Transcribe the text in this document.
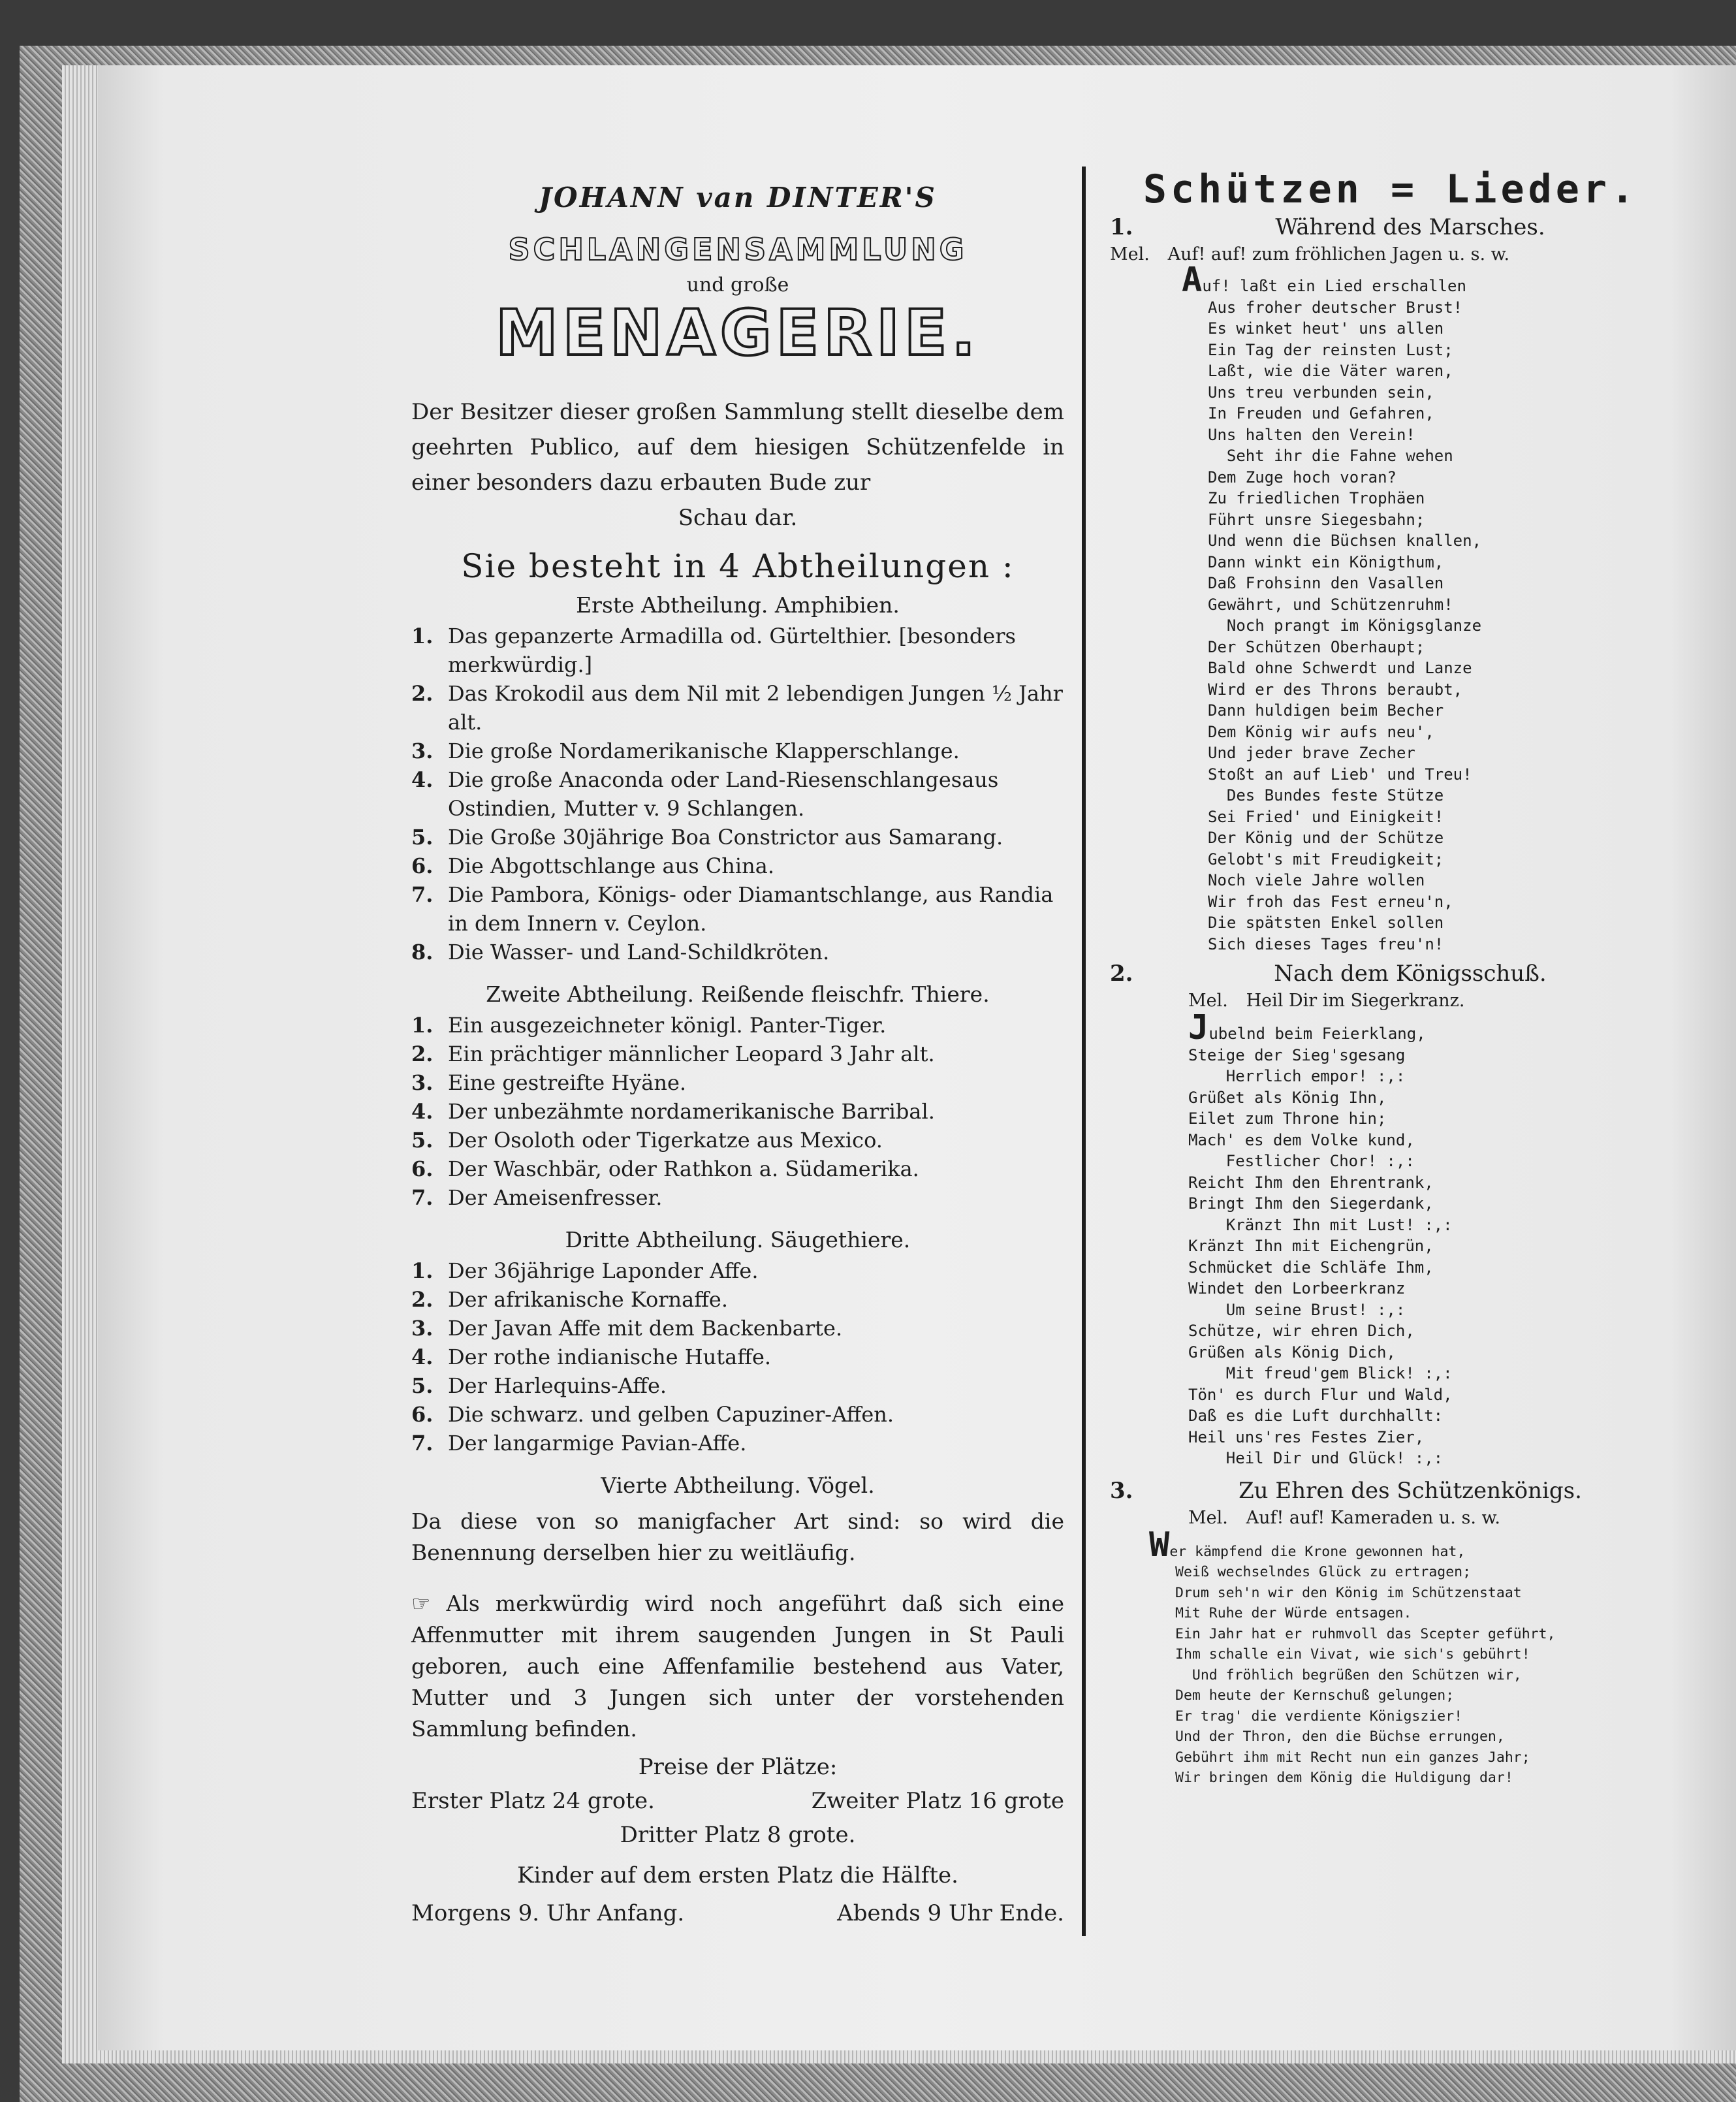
JOHANN van DINTER'S
SCHLANGENSAMMLUNG
und große
MENAGERIE.
Der Besitzer dieser großen Sammlung stellt dieselbe dem geehrten Publico, auf dem hiesigen Schützenfelde in einer besonders dazu erbauten Bude zur
Schau dar.
Sie besteht in 4 Abtheilungen :
Erste Abtheilung. Amphibien.
1. Das gepanzerte Armadilla od. Gürtelthier. [besonders merkwürdig.]
2. Das Krokodil aus dem Nil mit 2 lebendigen Jungen ½ Jahr alt.
3. Die große Nordamerikanische Klapperschlange.
4. Die große Anaconda oder Land-Riesenschlangesaus Ostindien, Mutter v. 9 Schlangen.
5. Die Große 30jährige Boa Constrictor aus Samarang.
6. Die Abgottschlange aus China.
7. Die Pambora, Königs- oder Diamantschlange, aus Randia in dem Innern v. Ceylon.
8. Die Wasser- und Land-Schildkröten.
Zweite Abtheilung. Reißende fleischfr. Thiere.
1. Ein ausgezeichneter königl. Panter-Tiger.
2. Ein prächtiger männlicher Leopard 3 Jahr alt.
3. Eine gestreifte Hyäne.
4. Der unbezähmte nordamerikanische Barribal.
5. Der Osoloth oder Tigerkatze aus Mexico.
6. Der Waschbär, oder Rathkon a. Südamerika.
7. Der Ameisenfresser.
Dritte Abtheilung. Säugethiere.
1. Der 36jährige Laponder Affe.
2. Der afrikanische Kornaffe.
3. Der Javan Affe mit dem Backenbarte.
4. Der rothe indianische Hutaffe.
5. Der Harlequins-Affe.
6. Die schwarz. und gelben Capuziner-Affen.
7. Der langarmige Pavian-Affe.
Vierte Abtheilung. Vögel.
Da diese von so manigfacher Art sind: so wird die Benennung derselben hier zu weitläufig.
☞ Als merkwürdig wird noch angeführt daß sich eine Affenmutter mit ihrem saugenden Jungen in St Pauli geboren, auch eine Affenfamilie bestehend aus Vater, Mutter und 3 Jungen sich unter der vorstehenden Sammlung befinden.
Preise der Plätze:
Erster Platz 24 grote.	Zweiter Platz 16 grote
Dritter Platz 8 grote.
Kinder auf dem ersten Platz die Hälfte.
Morgens 9. Uhr Anfang.	Abends 9 Uhr Ende.
Schützen = Lieder.
1.	Während des Marsches.
Mel. Auf! auf! zum fröhlichen Jagen u. s. w.
Auf! laßt ein Lied erschallen
Aus froher deutscher Brust!
Es winket heut' uns allen
Ein Tag der reinsten Lust;
Laßt, wie die Väter waren,
Uns treu verbunden sein,
In Freuden und Gefahren,
Uns halten den Verein!
Seht ihr die Fahne wehen
Dem Zuge hoch voran?
Zu friedlichen Trophäen
Führt unsre Siegesbahn;
Und wenn die Büchsen knallen,
Dann winkt ein Königthum,
Daß Frohsinn den Vasallen
Gewährt, und Schützenruhm!
Noch prangt im Königsglanze
Der Schützen Oberhaupt;
Bald ohne Schwerdt und Lanze
Wird er des Throns beraubt,
Dann huldigen beim Becher
Dem König wir aufs neu',
Und jeder brave Zecher
Stoßt an auf Lieb' und Treu!
Des Bundes feste Stütze
Sei Fried' und Einigkeit!
Der König und der Schütze
Gelobt's mit Freudigkeit;
Noch viele Jahre wollen
Wir froh das Fest erneu'n,
Die spätsten Enkel sollen
Sich dieses Tages freu'n!
2.	Nach dem Königsschuß.
Mel. Heil Dir im Siegerkranz.
Jubelnd beim Feierklang,
Steige der Sieg'sgesang
Herrlich empor! :,:
Grüßet als König Ihn,
Eilet zum Throne hin;
Mach' es dem Volke kund,
Festlicher Chor! :,:
Reicht Ihm den Ehrentrank,
Bringt Ihm den Siegerdank,
Kränzt Ihn mit Lust! :,:
Kränzt Ihn mit Eichengrün,
Schmücket die Schläfe Ihm,
Windet den Lorbeerkranz
Um seine Brust! :,:
Schütze, wir ehren Dich,
Grüßen als König Dich,
Mit freud'gem Blick! :,:
Tön' es durch Flur und Wald,
Daß es die Luft durchhallt:
Heil uns'res Festes Zier,
Heil Dir und Glück! :,:
3.	Zu Ehren des Schützenkönigs.
Mel. Auf! auf! Kameraden u. s. w.
Wer kämpfend die Krone gewonnen hat,
Weiß wechselndes Glück zu ertragen;
Drum seh'n wir den König im Schützenstaat
Mit Ruhe der Würde entsagen.
Ein Jahr hat er ruhmvoll das Scepter geführt,
Ihm schalle ein Vivat, wie sich's gebührt!
Und fröhlich begrüßen den Schützen wir,
Dem heute der Kernschuß gelungen;
Er trag' die verdiente Königszier!
Und der Thron, den die Büchse errungen,
Gebührt ihm mit Recht nun ein ganzes Jahr;
Wir bringen dem König die Huldigung dar!
